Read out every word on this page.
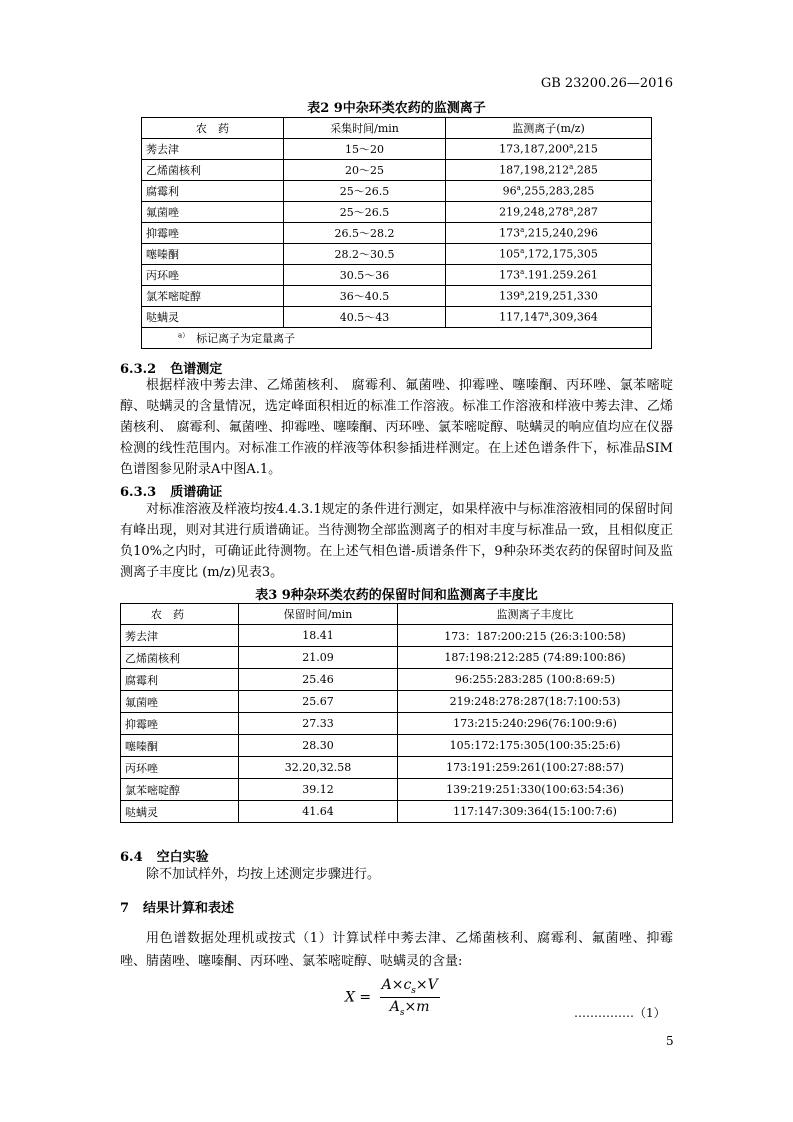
GB 23200.26—2016
表2 9中杂环类农药的监测离子
农　药	采集时间/min	监测离子(m/z)
莠去津	15～20	173,187,200$^a$,215
乙烯菌核利	20～25	187,198,212$^a$,285
腐霉利	25～26.5	96$^a$,255,283,285
氟菌唑	25～26.5	219,248,278$^a$,287
抑霉唑	26.5～28.2	173$^a$,215,240,296
噻嗪酮	28.2～30.5	105$^a$,172,175,305
丙环唑	30.5～36	173$^a$.191.259.261
氯苯嘧啶醇	36～40.5	139$^a$,219,251,330
哒螨灵	40.5～43	117,147$^a$,309,364
$^{a)}$ 标记离子为定量离子		
6.3.2 色谱测定
根据样液中莠去津、乙烯菌核利、 腐霉利、氟菌唑、抑霉唑、噻嗪酮、丙环唑、氯苯嘧啶醇、哒螨灵的含量情况，选定峰面积相近的标准工作溶液。标准工作溶液和样液中莠去津、乙烯菌核利、 腐霉利、氟菌唑、抑霉唑、噻嗪酮、丙环唑、氯苯嘧啶醇、哒螨灵的响应值均应在仪器检测的线性范围内。对标准工作液的样液等体积参插进样测定。在上述色谱条件下，标准品SIM色谱图参见附录A中图A.1。
6.3.3 质谱确证
对标准溶液及样液均按4.4.3.1规定的条件进行测定，如果样液中与标准溶液相同的保留时间有峰出现，则对其进行质谱确证。当待测物全部监测离子的相对丰度与标准品一致，且相似度正负10%之内时，可确证此待测物。在上述气相色谱-质谱条件下，9种杂环类农药的保留时间及监测离子丰度比 (m/z)见表3。
表3 9种杂环类农药的保留时间和监测离子丰度比
农　药	保留时间/min	监测离子丰度比
莠去津	18.41	173：187:200:215 (26:3:100:58)
乙烯菌核利	21.09	187:198:212:285 (74:89:100:86)
腐霉利	25.46	96:255:283:285 (100:8:69:5)
氟菌唑	25.67	219:248:278:287(18:7:100:53)
抑霉唑	27.33	173:215:240:296(76:100:9:6)
噻嗪酮	28.30	105:172:175:305(100:35:25:6)
丙环唑	32.20,32.58	173:191:259:261(100:27:88:57)
氯苯嘧啶醇	39.12	139:219:251:330(100:63:54:36)
哒螨灵	41.64	117:147:309:364(15:100:7:6)
6.4 空白实验
除不加试样外，均按上述测定步骤进行。
7 结果计算和表述
用色谱数据处理机或按式（1）计算试样中莠去津、乙烯菌核利、腐霉利、氟菌唑、抑霉唑、腈菌唑、噻嗪酮、丙环唑、氯苯嘧啶醇、哒螨灵的含量:
$X = \frac{A\times c_s\times V}{A_s\times m}$	……………（1）
5
